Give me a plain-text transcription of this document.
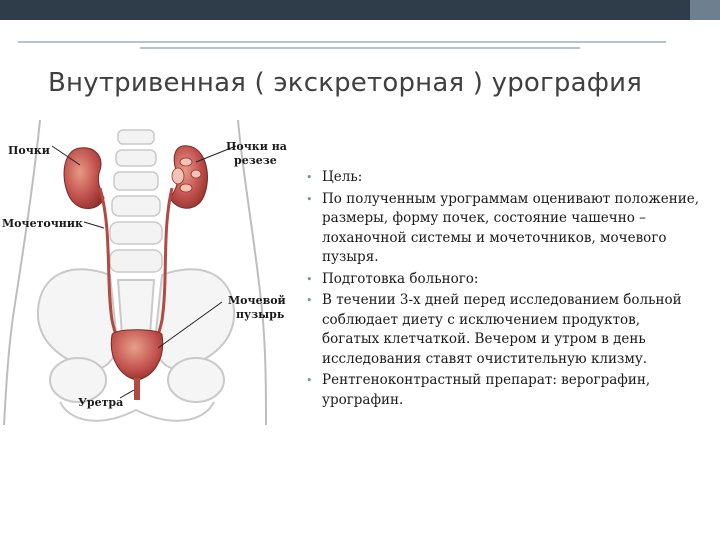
Внутривенная ( экскреторная ) урография
Почки	Почки на
резезе
Мочеточник
Мочевой
пузырь
Уретра
• Цель:
• По полученным урограммам оценивают положение, размеры, форму почек, состояние чашечно – лоханочной системы и мочеточников, мочевого пузыря.
• Подготовка больного:
• В течении 3-х дней перед исследованием больной соблюдает диету с исключением продуктов, богатых клетчаткой. Вечером и утром в день исследования ставят очистительную клизму.
• Рентгеноконтрастный препарат: верографин, урографин.
